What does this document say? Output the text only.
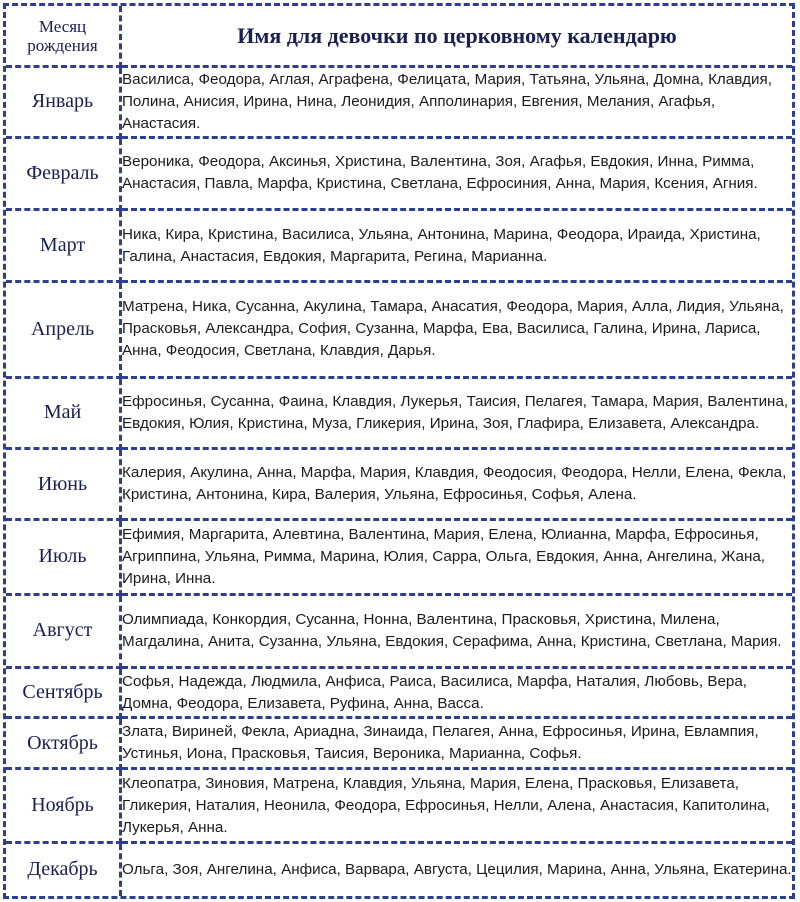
Месяц рождения	Имя для девочки по церковному календарю
Январь	Василиса, Феодора, Аглая, Аграфена, Фелицата, Мария, Татьяна, Ульяна, Домна, Клавдия, Полина, Анисия, Ирина, Нина, Леонидия, Апполинария, Евгения, Мелания, Агафья, Анастасия.
Февраль	Вероника, Феодора, Аксинья, Христина, Валентина, Зоя, Агафья, Евдокия, Инна, Римма, Анастасия, Павла, Марфа, Кристина, Светлана, Ефросиния, Анна, Мария, Ксения, Агния.
Март	Ника, Кира, Кристина, Василиса, Ульяна, Антонина, Марина, Феодора, Ираида, Христина, Галина, Анастасия, Евдокия, Маргарита, Регина, Марианна.
Апрель	Матрена, Ника, Сусанна, Акулина, Тамара, Анасатия, Феодора, Мария, Алла, Лидия, Ульяна, Прасковья, Александра, София, Сузанна, Марфа, Ева, Василиса, Галина, Ирина, Лариса, Анна, Феодосия, Светлана, Клавдия, Дарья.
Май	Ефросинья, Сусанна, Фаина, Клавдия, Лукерья, Таисия, Пелагея, Тамара, Мария, Валентина, Евдокия, Юлия, Кристина, Муза, Гликерия, Ирина, Зоя, Глафира, Елизавета, Александра.
Июнь	Калерия, Акулина, Анна, Марфа, Мария, Клавдия, Феодосия, Феодора, Нелли, Елена, Фекла, Кристина, Антонина, Кира, Валерия, Ульяна, Ефросинья, Софья, Алена.
Июль	Ефимия, Маргарита, Алевтина, Валентина, Мария, Елена, Юлианна, Марфа, Ефросинья, Агриппина, Ульяна, Римма, Марина, Юлия, Сарра, Ольга, Евдокия, Анна, Ангелина, Жана, Ирина, Инна.
Август	Олимпиада, Конкордия, Сусанна, Нонна, Валентина, Прасковья, Христина, Милена, Магдалина, Анита, Сузанна, Ульяна, Евдокия, Серафима, Анна, Кристина, Светлана, Мария.
Сентябрь	Софья, Надежда, Людмила, Анфиса, Раиса, Василиса, Марфа, Наталия, Любовь, Вера, Домна, Феодора, Елизавета, Руфина, Анна, Васса.
Октябрь	Злата, Вириней, Фекла, Ариадна, Зинаида, Пелагея, Анна, Ефросинья, Ирина, Евлампия, Устинья, Иона, Прасковья, Таисия, Вероника, Марианна, Софья.
Ноябрь	Клеопатра, Зиновия, Матрена, Клавдия, Ульяна, Мария, Елена, Прасковья, Елизавета, Гликерия, Наталия, Неонила, Феодора, Ефросинья, Нелли, Алена, Анастасия, Капитолина, Лукерья, Анна.
Декабрь	Ольга, Зоя, Ангелина, Анфиса, Варвара, Августа, Цецилия, Марина, Анна, Ульяна, Екатерина.
